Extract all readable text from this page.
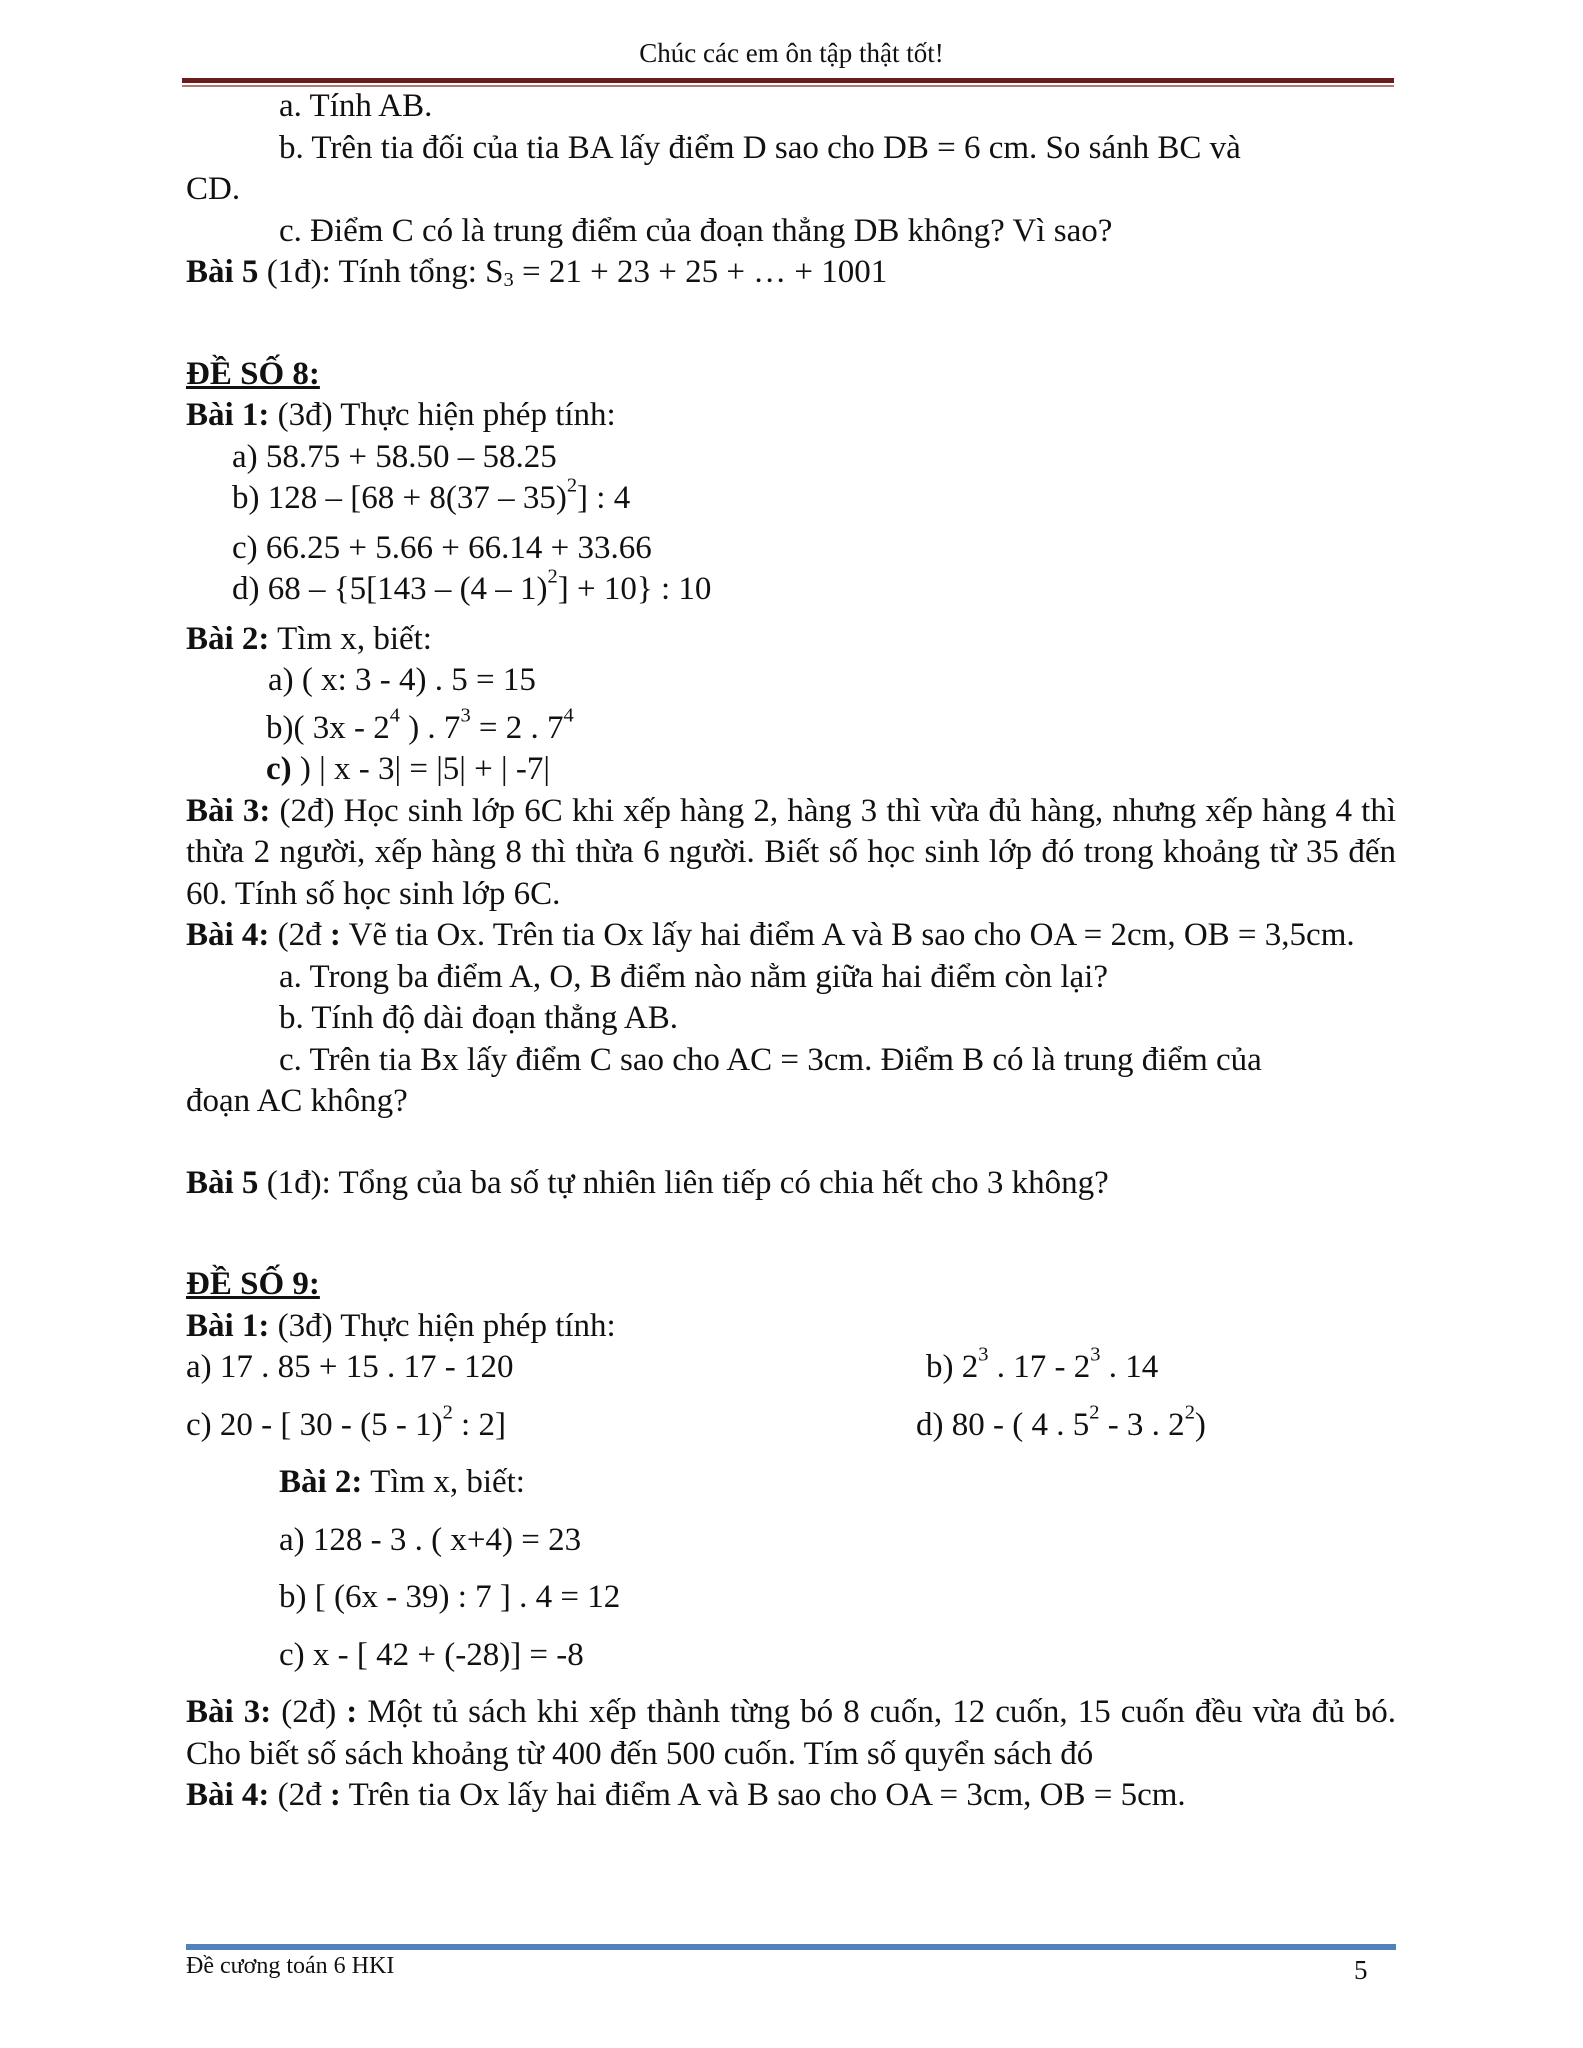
Chúc các em ôn tập thật tốt!

a. Tính AB.

b. Trên tia đối của tia BA lấy điểm D sao cho DB = 6 cm. So sánh BC và

CD.

c. Điểm C có là trung điểm của đoạn thẳng DB không? Vì sao?

Bài 5 (1đ): Tính tổng: $S_3 = 21 + 23 + 25$ + … + 1001

ĐỀ SỐ 8:

Bài 1: (3đ) Thực hiện phép tính:

a) 58.75 + 58.50 – 58.25

b) 128 – [68 + 8(37 – 35)$^2$] : 4

c) 66.25 + 5.66 + 66.14 + 33.66

d) 68 – {5[143 – (4 – 1)$^2$] + 10} : 10

Bài 2: Tìm x, biết:

a) ( x: 3 - 4) . 5 = 15

b)( $3x - 2^4$ ) . $7^3 = 2$ . $7^4$

c) ) | x - 3| = |5| + | -7|

Bài 3: (2đ) Học sinh lớp 6C khi xếp hàng 2, hàng 3 thì vừa đủ hàng, nhưng xếp hàng 4 thì thừa 2 người, xếp hàng 8 thì thừa 6 người. Biết số học sinh lớp đó trong khoảng từ 35 đến 60. Tính số học sinh lớp 6C.

Bài 4: (2đ : Vẽ tia Ox. Trên tia Ox lấy hai điểm A và B sao cho OA = 2cm, OB = 3,5cm.

a. Trong ba điểm A, O, B điểm nào nằm giữa hai điểm còn lại?

b. Tính độ dài đoạn thẳng AB.

c. Trên tia Bx lấy điểm C sao cho AC = 3cm. Điểm B có là trung điểm của

đoạn AC không?

Bài 5 (1đ): Tổng của ba số tự nhiên liên tiếp có chia hết cho 3 không?

ĐỀ SỐ 9:

Bài 1: (3đ) Thực hiện phép tính:

a) 17 . 85 + 15 . 17 - 120	b) $2^3$ . $17 - 2^3$ . 14

c) 20 - [ 30 - (5 - 1)$^2$ : 2]	d) 80 - ( 4 . $5^2 - 3$ . $2^2$)

Bài 2: Tìm x, biết:

a) 128 - 3 . ( x+4) = 23

b) [ (6x - 39) : 7 ] . 4 = 12

c) x - [ 42 + (-28)] = -8

Bài 3: (2đ) : Một tủ sách khi xếp thành từng bó 8 cuốn, 12 cuốn, 15 cuốn đều vừa đủ bó. Cho biết số sách khoảng từ 400 đến 500 cuốn. Tím số quyển sách đó

Bài 4: (2đ : Trên tia Ox lấy hai điểm A và B sao cho OA = 3cm, OB = 5cm.

Đề cương toán 6 HKI	5
